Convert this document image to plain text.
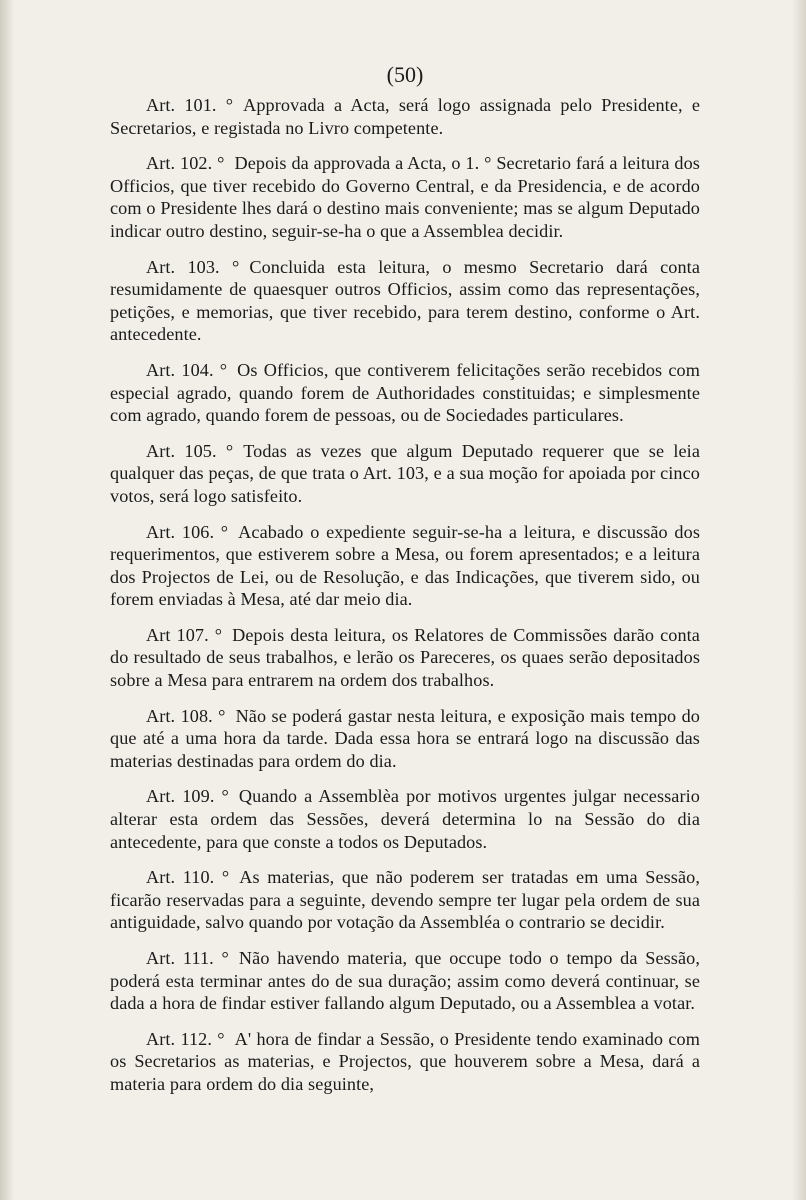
(50)

Art. 101. ° Approvada a Acta, será logo assignada pelo Presidente, e Secretarios, e registada no Livro competente.

Art. 102. ° Depois da approvada a Acta, o 1. ° Secretario fará a leitura dos Officios, que tiver recebido do Governo Central, e da Presidencia, e de acordo com o Presidente lhes dará o destino mais conveniente; mas se algum Deputado indicar outro destino, seguir-se-ha o que a Assemblea decidir.

Art. 103. ° Concluida esta leitura, o mesmo Secretario dará conta resumidamente de quaesquer outros Officios, assim como das representações, petições, e memorias, que tiver recebido, para terem destino, conforme o Art. antecedente.

Art. 104. ° Os Officios, que contiverem felicitações serão recebidos com especial agrado, quando forem de Authoridades constituidas; e simplesmente com agrado, quando forem de pessoas, ou de Sociedades particulares.

Art. 105. ° Todas as vezes que algum Deputado requerer que se leia qualquer das peças, de que trata o Art. 103, e a sua moção for apoiada por cinco votos, será logo satisfeito.

Art. 106. ° Acabado o expediente seguir-se-ha a leitura, e discussão dos requerimentos, que estiverem sobre a Mesa, ou forem apresentados; e a leitura dos Projectos de Lei, ou de Resolução, e das Indicações, que tiverem sido, ou forem enviadas à Mesa, até dar meio dia.

Art 107. ° Depois desta leitura, os Relatores de Commissões darão conta do resultado de seus trabalhos, e lerão os Pareceres, os quaes serão depositados sobre a Mesa para entrarem na ordem dos trabalhos.

Art. 108. ° Não se poderá gastar nesta leitura, e exposição mais tempo do que até a uma hora da tarde. Dada essa hora se entrará logo na discussão das materias destinadas para ordem do dia.

Art. 109. ° Quando a Assemblèa por motivos urgentes julgar necessario alterar esta ordem das Sessões, deverá determina lo na Sessão do dia antecedente, para que conste a todos os Deputados.

Art. 110. ° As materias, que não poderem ser tratadas em uma Sessão, ficarão reservadas para a seguinte, devendo sempre ter lugar pela ordem de sua antiguidade, salvo quando por votação da Assembléa o contrario se decidir.

Art. 111. ° Não havendo materia, que occupe todo o tempo da Sessão, poderá esta terminar antes do de sua duração; assim como deverá continuar, se dada a hora de findar estiver fallando algum Deputado, ou a Assemblea a votar.

Art. 112. ° A' hora de findar a Sessão, o Presidente tendo examinado com os Secretarios as materias, e Projectos, que houverem sobre a Mesa, dará a materia para ordem do dia seguinte,
